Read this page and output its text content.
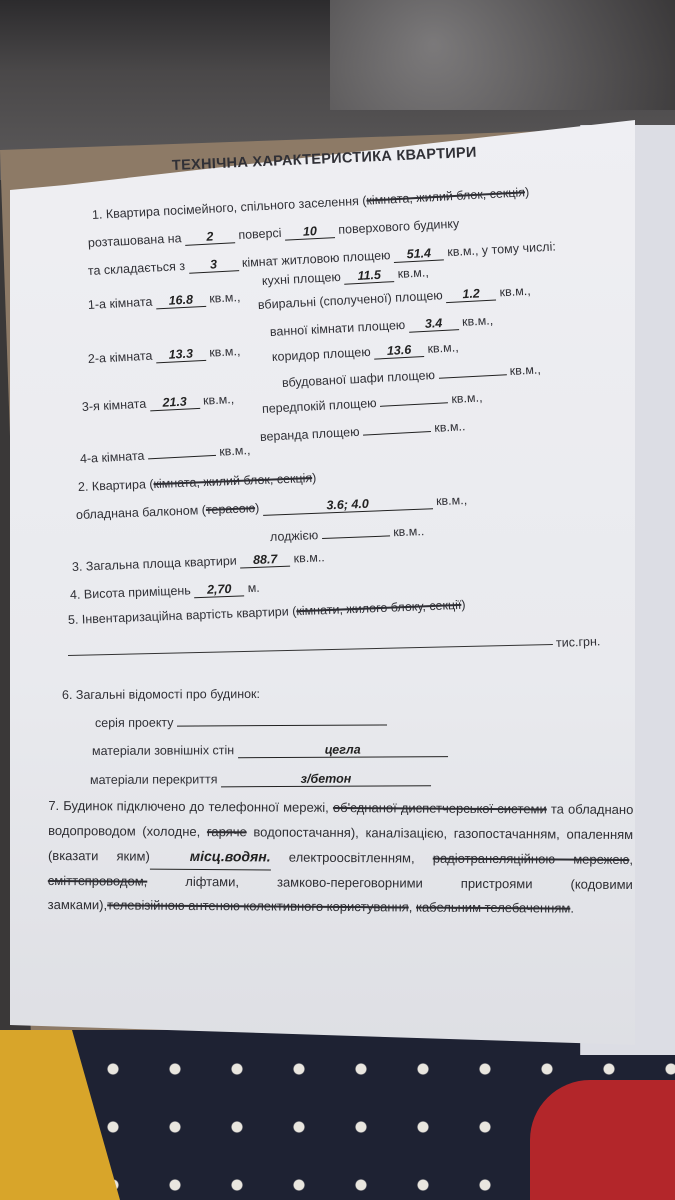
ТЕХНІЧНА ХАРАКТЕРИСТИКА КВАРТИРИ
1. Квартира посімейного, спільного заселення (кімната, жилий блок, секція)
розташована на 2 поверсі 10 поверхового будинку
та складається з 3 кімнат житловою площею 51.4 кв.м., у тому числі:
1-а кімната 16.8 кв.м.,
2-а кімната 13.3 кв.м.,
3-я кімната 21.3 кв.м.,
4-а кімната	кв.м.,
кухні площею 11.5 кв.м.,
вбиральні (сполученої) площею 1.2 кв.м.,
ванної кімнати площею 3.4 кв.м.,
коридор площею 13.6 кв.м.,
вбудованої шафи площею	кв.м.,
передпокій площею	кв.м.,
веранда площею	кв.м..
2. Квартира (кімната, жилий блок, секція)
обладнана балконом (терасою)	3.6; 4.0	кв.м.,
лоджією	кв.м..
3. Загальна площа квартири 88.7 кв.м..
4. Висота приміщень 2,70 м.
5. Інвентаризаційна вартість квартири (кімнати, жилого блоку, секції)
тис.грн.
6. Загальні відомості про будинок:
серія проекту
матеріали зовнішніх стін	цегла
матеріали перекриття	з/бетон
7. Будинок підключено до телефонної мережі, об'єднаної диспетчерської системи та обладнано водопроводом (холодне, гаряче водопостачання), каналізацією, газопостачанням, опаленням (вказати яким)	місц.водян. електроосвітленням, радіотрансляційною мережею, сміттєпроводом, ліфтами, замково-переговорними пристроями (кодовими замками),телевізійною антеною колективного користування, кабельним телебаченням.
